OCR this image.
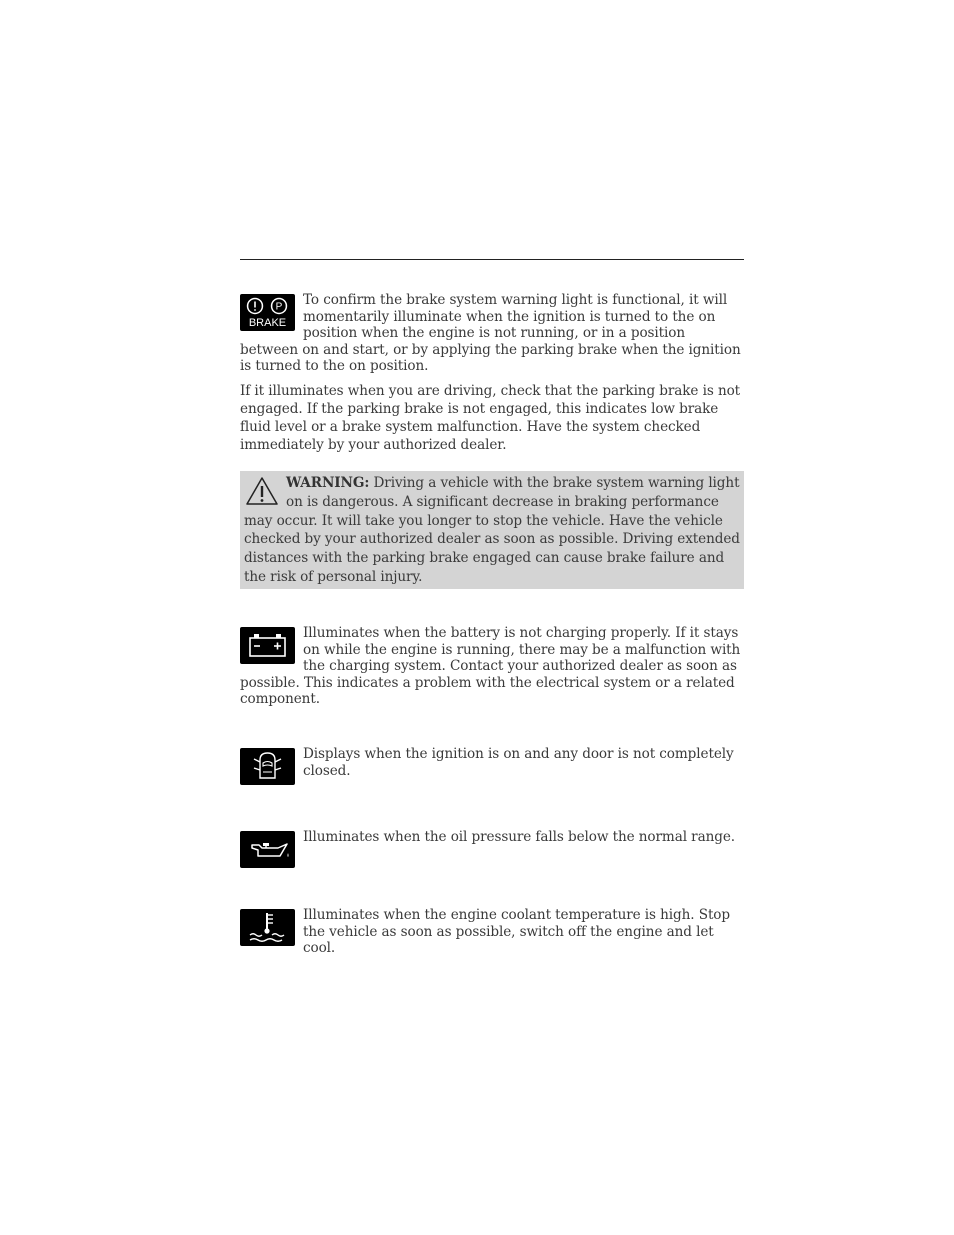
P
BRAKE

To confirm the brake system warning light is functional, it will momentarily illuminate when the ignition is turned to the on position when the engine is not running, or in a position between on and start, or by applying the parking brake when the ignition is turned to the on position.

If it illuminates when you are driving, check that the parking brake is not engaged. If the parking brake is not engaged, this indicates low brake fluid level or a brake system malfunction. Have the system checked immediately by your authorized dealer.

WARNING: Driving a vehicle with the brake system warning light on is dangerous. A significant decrease in braking performance may occur. It will take you longer to stop the vehicle. Have the vehicle checked by your authorized dealer as soon as possible. Driving extended distances with the parking brake engaged can cause brake failure and the risk of personal injury.

Illuminates when the battery is not charging properly. If it stays on while the engine is running, there may be a malfunction with the charging system. Contact your authorized dealer as soon as possible. This indicates a problem with the electrical system or a related component.

Displays when the ignition is on and any door is not completely closed.

Illuminates when the oil pressure falls below the normal range.

Illuminates when the engine coolant temperature is high. Stop the vehicle as soon as possible, switch off the engine and let cool.
